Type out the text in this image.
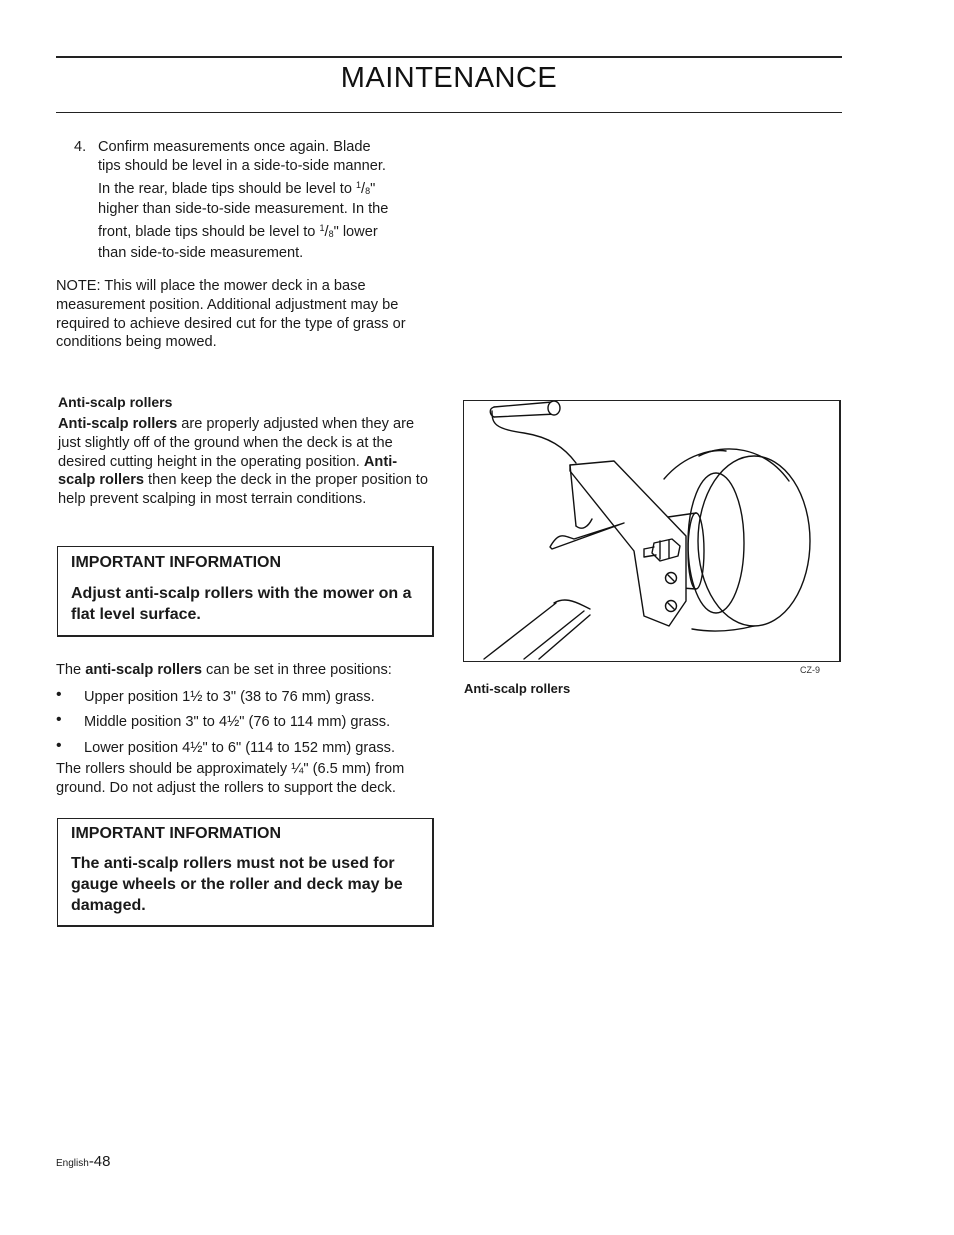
MAINTENANCE
4. Confirm measurements once again. Blade
tips should be level in a side-to-side manner.
In the rear, blade tips should be level to $^1/_8$"
higher than side-to-side measurement. In the
front, blade tips should be level to $^1/_8$" lower
than side-to-side measurement.

NOTE: This will place the mower deck in a base measurement position. Additional adjustment may be required to achieve desired cut for the type of grass or conditions being mowed.

Anti-scalp rollers

Anti-scalp rollers are properly adjusted when they are just slightly off of the ground when the deck is at the desired cutting height in the operating position. Anti-scalp rollers then keep the deck in the proper position to help prevent scalping in most terrain conditions.

IMPORTANT INFORMATION
Adjust anti-scalp rollers with the mower on a flat level surface.

The anti-scalp rollers can be set in three positions:

• Upper position 1½ to 3" (38 to 76 mm) grass.
• Middle position 3" to 4½" (76 to 114 mm) grass.
• Lower position 4½" to 6" (114 to 152 mm) grass.

The rollers should be approximately ¼" (6.5 mm) from ground. Do not adjust the rollers to support the deck.

IMPORTANT INFORMATION
The anti-scalp rollers must not be used for gauge wheels or the roller and deck may be damaged.
CZ-9
Anti-scalp rollers
English-48
